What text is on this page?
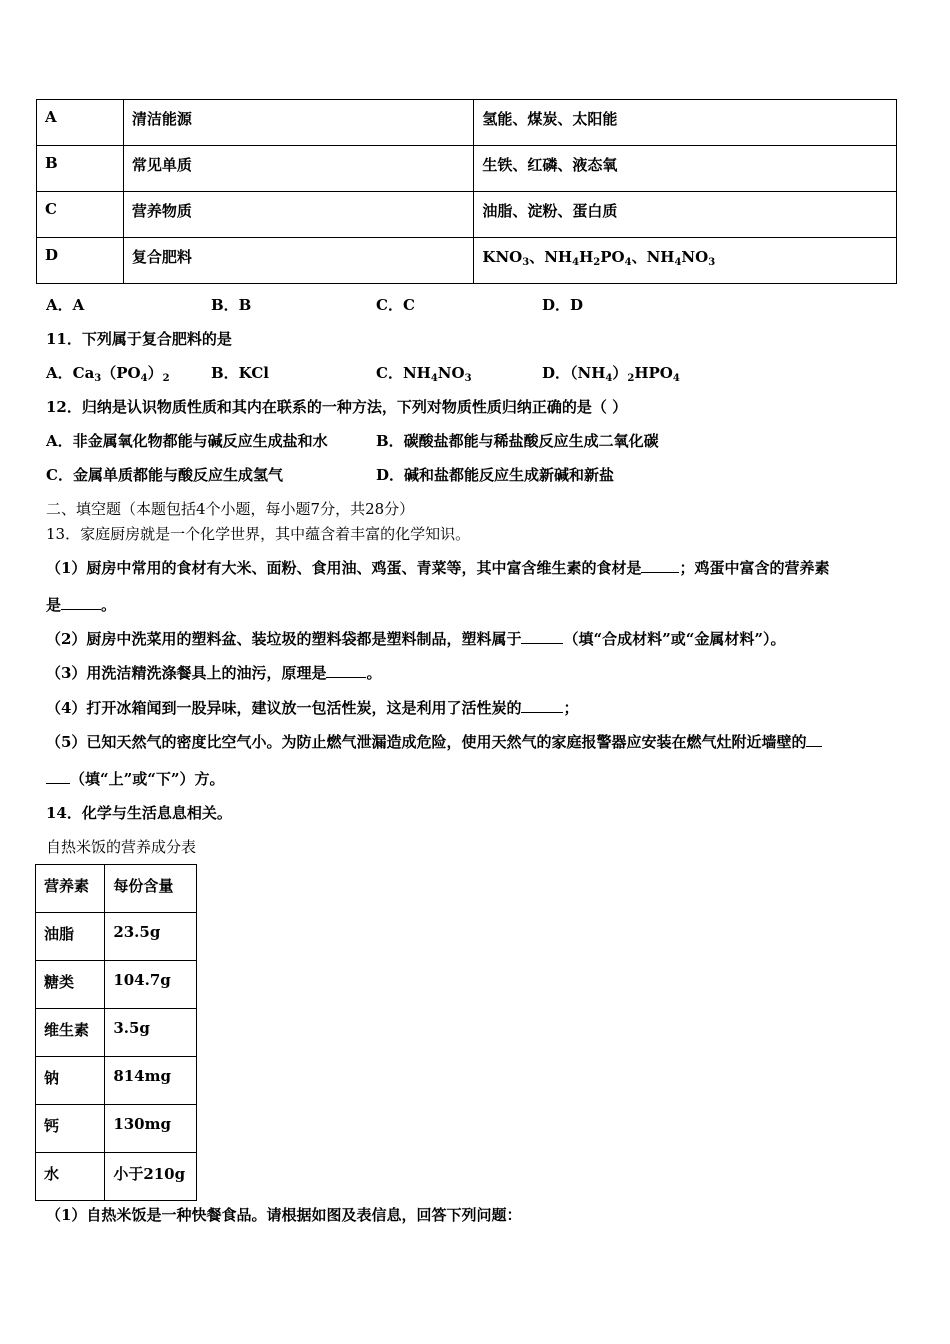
A	清洁能源	氢能、煤炭、太阳能
B	常见单质	生铁、红磷、液态氧
C	营养物质	油脂、淀粉、蛋白质
D	复合肥料	$KNO_3$、$NH_4H_2PO_4$、$NH_4NO_3$
A．A	B．B	C．C	D．D
11．下列属于复合肥料的是
A．$Ca_3(PO_4)_2$	B．KCl	C．$NH_4NO_3$	D．$(NH_4)_2HPO_4$
12．归纳是认识物质性质和其内在联系的一种方法，下列对物质性质归纳正确的是（ ）
A．非金属氧化物都能与碱反应生成盐和水	B．碳酸盐都能与稀盐酸反应生成二氧化碳
C．金属单质都能与酸反应生成氢气	D．碱和盐都能反应生成新碱和新盐
二、填空题（本题包括4个小题，每小题7分，共28分）
13．家庭厨房就是一个化学世界，其中蕴含着丰富的化学知识。
（1）厨房中常用的食材有大米、面粉、食用油、鸡蛋、青菜等，其中富含维生素的食材是	；鸡蛋中富含的营养素
是	。
（2）厨房中洗菜用的塑料盆、装垃圾的塑料袋都是塑料制品，塑料属于	（填“合成材料”或“金属材料”）。
（3）用洗洁精洗涤餐具上的油污，原理是	。
（4）打开冰箱闻到一股异味，建议放一包活性炭，这是利用了活性炭的	；
（5）已知天然气的密度比空气小。为防止燃气泄漏造成危险，使用天然气的家庭报警器应安装在燃气灶附近墙壁的
（填“上”或“下”）方。
14．化学与生活息息相关。
自热米饭的营养成分表
营养素	每份含量
油脂	23.5g
糖类	104.7g
维生素	3.5g
钠	814mg
钙	130mg
水	小于210g
（1）自热米饭是一种快餐食品。请根据如图及表信息，回答下列问题：
